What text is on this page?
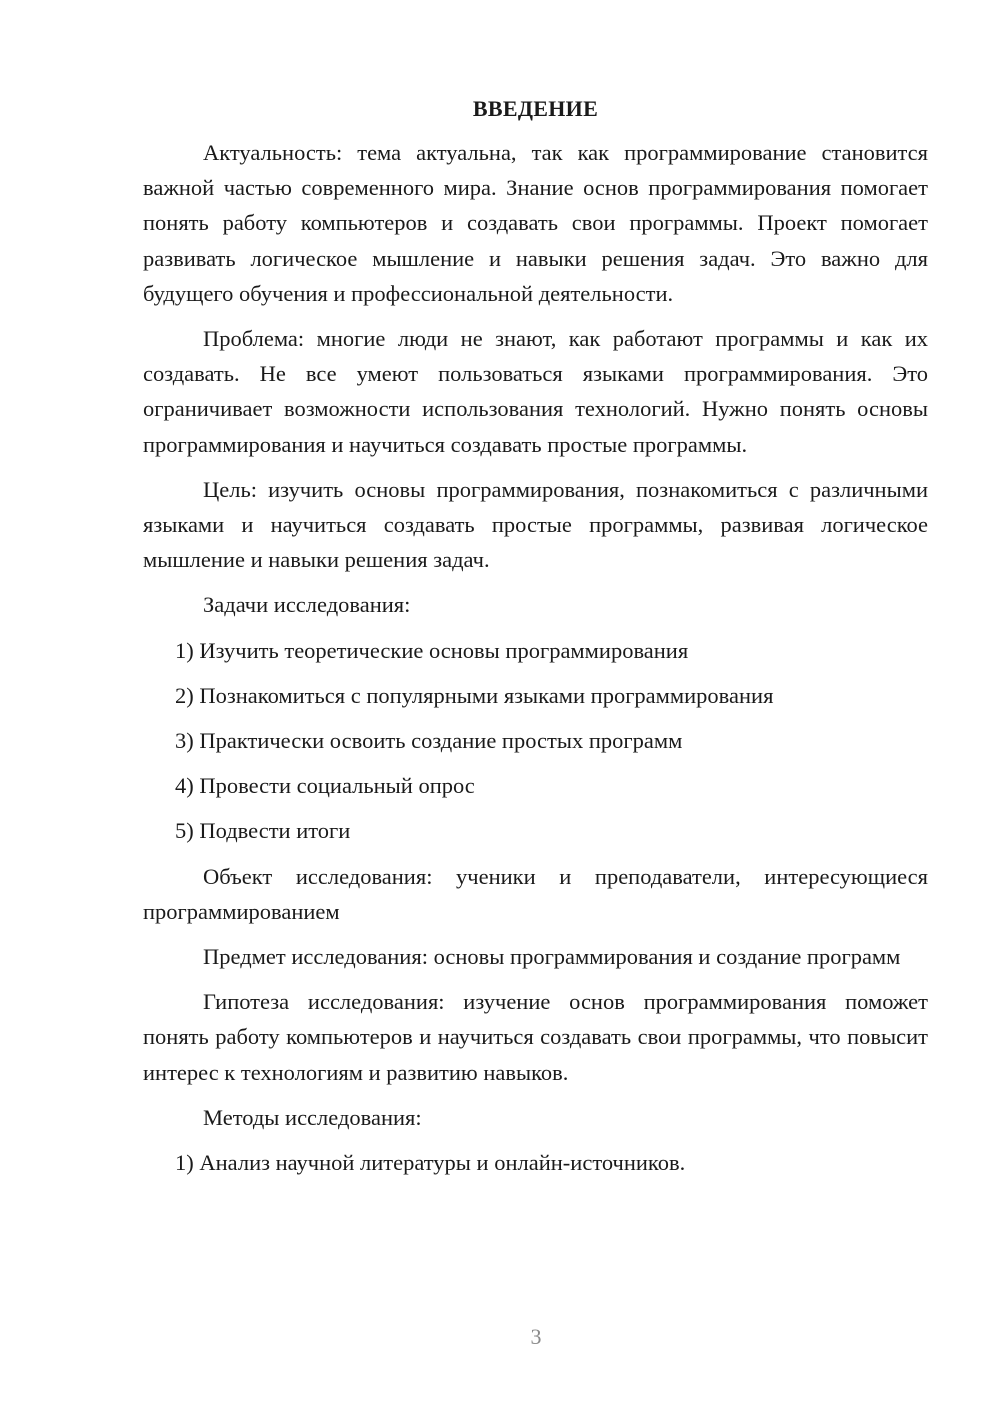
ВВЕДЕНИЕ

Актуальность: тема актуальна, так как программирование становится важной частью современного мира. Знание основ программирования помогает понять работу компьютеров и создавать свои программы. Проект помогает развивать логическое мышление и навыки решения задач. Это важно для будущего обучения и профессиональной деятельности.

Проблема: многие люди не знают, как работают программы и как их создавать. Не все умеют пользоваться языками программирования. Это ограничивает возможности использования технологий. Нужно понять основы программирования и научиться создавать простые программы.

Цель: изучить основы программирования, познакомиться с различными языками и научиться создавать простые программы, развивая логическое мышление и навыки решения задач.

Задачи исследования:

1) Изучить теоретические основы программирования
2) Познакомиться с популярными языками программирования
3) Практически освоить создание простых программ
4) Провести социальный опрос
5) Подвести итоги

Объект исследования: ученики и преподаватели, интересующиеся программированием

Предмет исследования: основы программирования и создание программ

Гипотеза исследования: изучение основ программирования поможет понять работу компьютеров и научиться создавать свои программы, что повысит интерес к технологиям и развитию навыков.

Методы исследования:

1) Анализ научной литературы и онлайн-источников.
3
